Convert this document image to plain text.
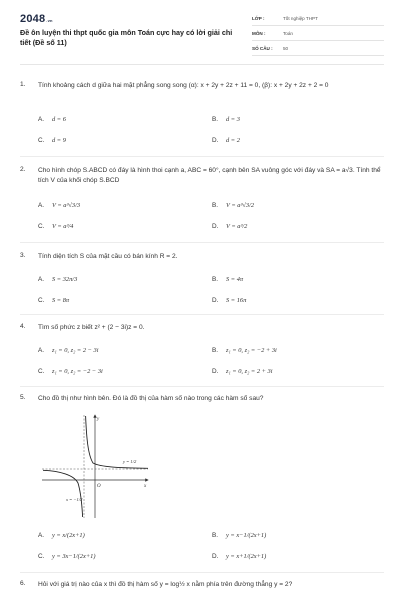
2048.vn
Đề ôn luyện thi thpt quốc gia môn Toán cực hay có lời giải chi tiết (Đề số 11)
LỚP :	Tốt nghiệp THPT
MÔN :	Toán
SỐ CÂU : 50
1. Tính khoảng cách d giữa hai mặt phẳng song song (α): x + 2y + 2z + 11 = 0, (β): x + 2y + 2z + 2 = 0
A. d = 6	B. d = 3
C. d = 9	D. d = 2
2. Cho hình chóp S.ABCD có đáy là hình thoi cạnh a, ABC = 60°, cạnh bên SA vuông góc với đáy và SA = a√3. Tính thể tích V của khối chóp S.BCD
A. V = a³√3/3	B. V = a³√3/2
C. V = a³/4	D. V = a³/2
3. Tính diện tích S của mặt cầu có bán kính R = 2.
A. S = 32π/3	B. S = 4π
C. S = 8π	D. S = 16π
4. Tìm số phức z biết z² + (2 − 3i)z = 0.
A. z₁ = 0, z₂ = 2 − 3i	B. z₁ = 0, z₂ = −2 + 3i
C. z₁ = 0, z₂ = −2 − 3i	D. z₁ = 0, z₂ = 2 + 3i
5. Cho đồ thị như hình bên. Đó là đồ thị của hàm số nào trong các hàm số sau?
y
x
O
y = 1/2
x = −1/2
A. y = x/(2x+1)	B. y = x−1/(2x+1)
C. y = 3x−1/(2x+1)	D. y = x+1/(2x+1)
6. Hỏi với giá trị nào của x thì đồ thị hàm số y = log½ x nằm phía trên đường thẳng y = 2?
